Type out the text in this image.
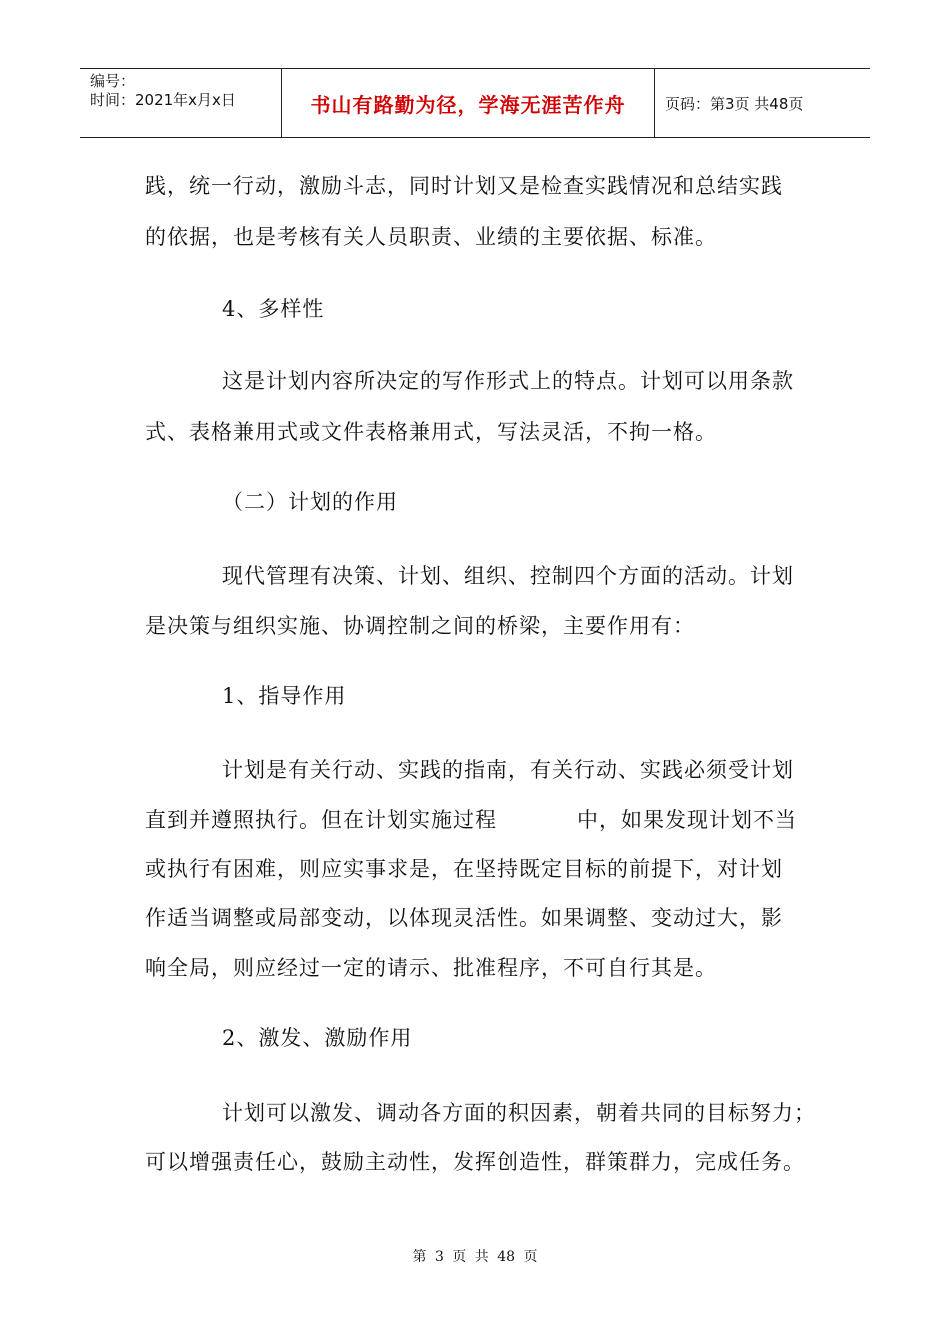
编号：
时间：2021年x月x日	书山有路勤为径，学海无涯苦作舟	页码：第3页 共48页
践，统一行动，激励斗志，同时计划又是检查实践情况和总结实践
的依据，也是考核有关人员职责、业绩的主要依据、标准。
4、多样性
这是计划内容所决定的写作形式上的特点。计划可以用条款
式、表格兼用式或文件表格兼用式，写法灵活，不拘一格。
（二）计划的作用
现代管理有决策、计划、组织、控制四个方面的活动。计划
是决策与组织实施、协调控制之间的桥梁，主要作用有：
1、指导作用
计划是有关行动、实践的指南，有关行动、实践必须受计划
直到并遵照执行。但在计划实施过程	中，如果发现计划不当
或执行有困难，则应实事求是，在坚持既定目标的前提下，对计划
作适当调整或局部变动，以体现灵活性。如果调整、变动过大，影
响全局，则应经过一定的请示、批准程序，不可自行其是。
2、激发、激励作用
计划可以激发、调动各方面的积因素，朝着共同的目标努力；
可以增强责任心，鼓励主动性，发挥创造性，群策群力，完成任务。
第 3 页 共 48 页
